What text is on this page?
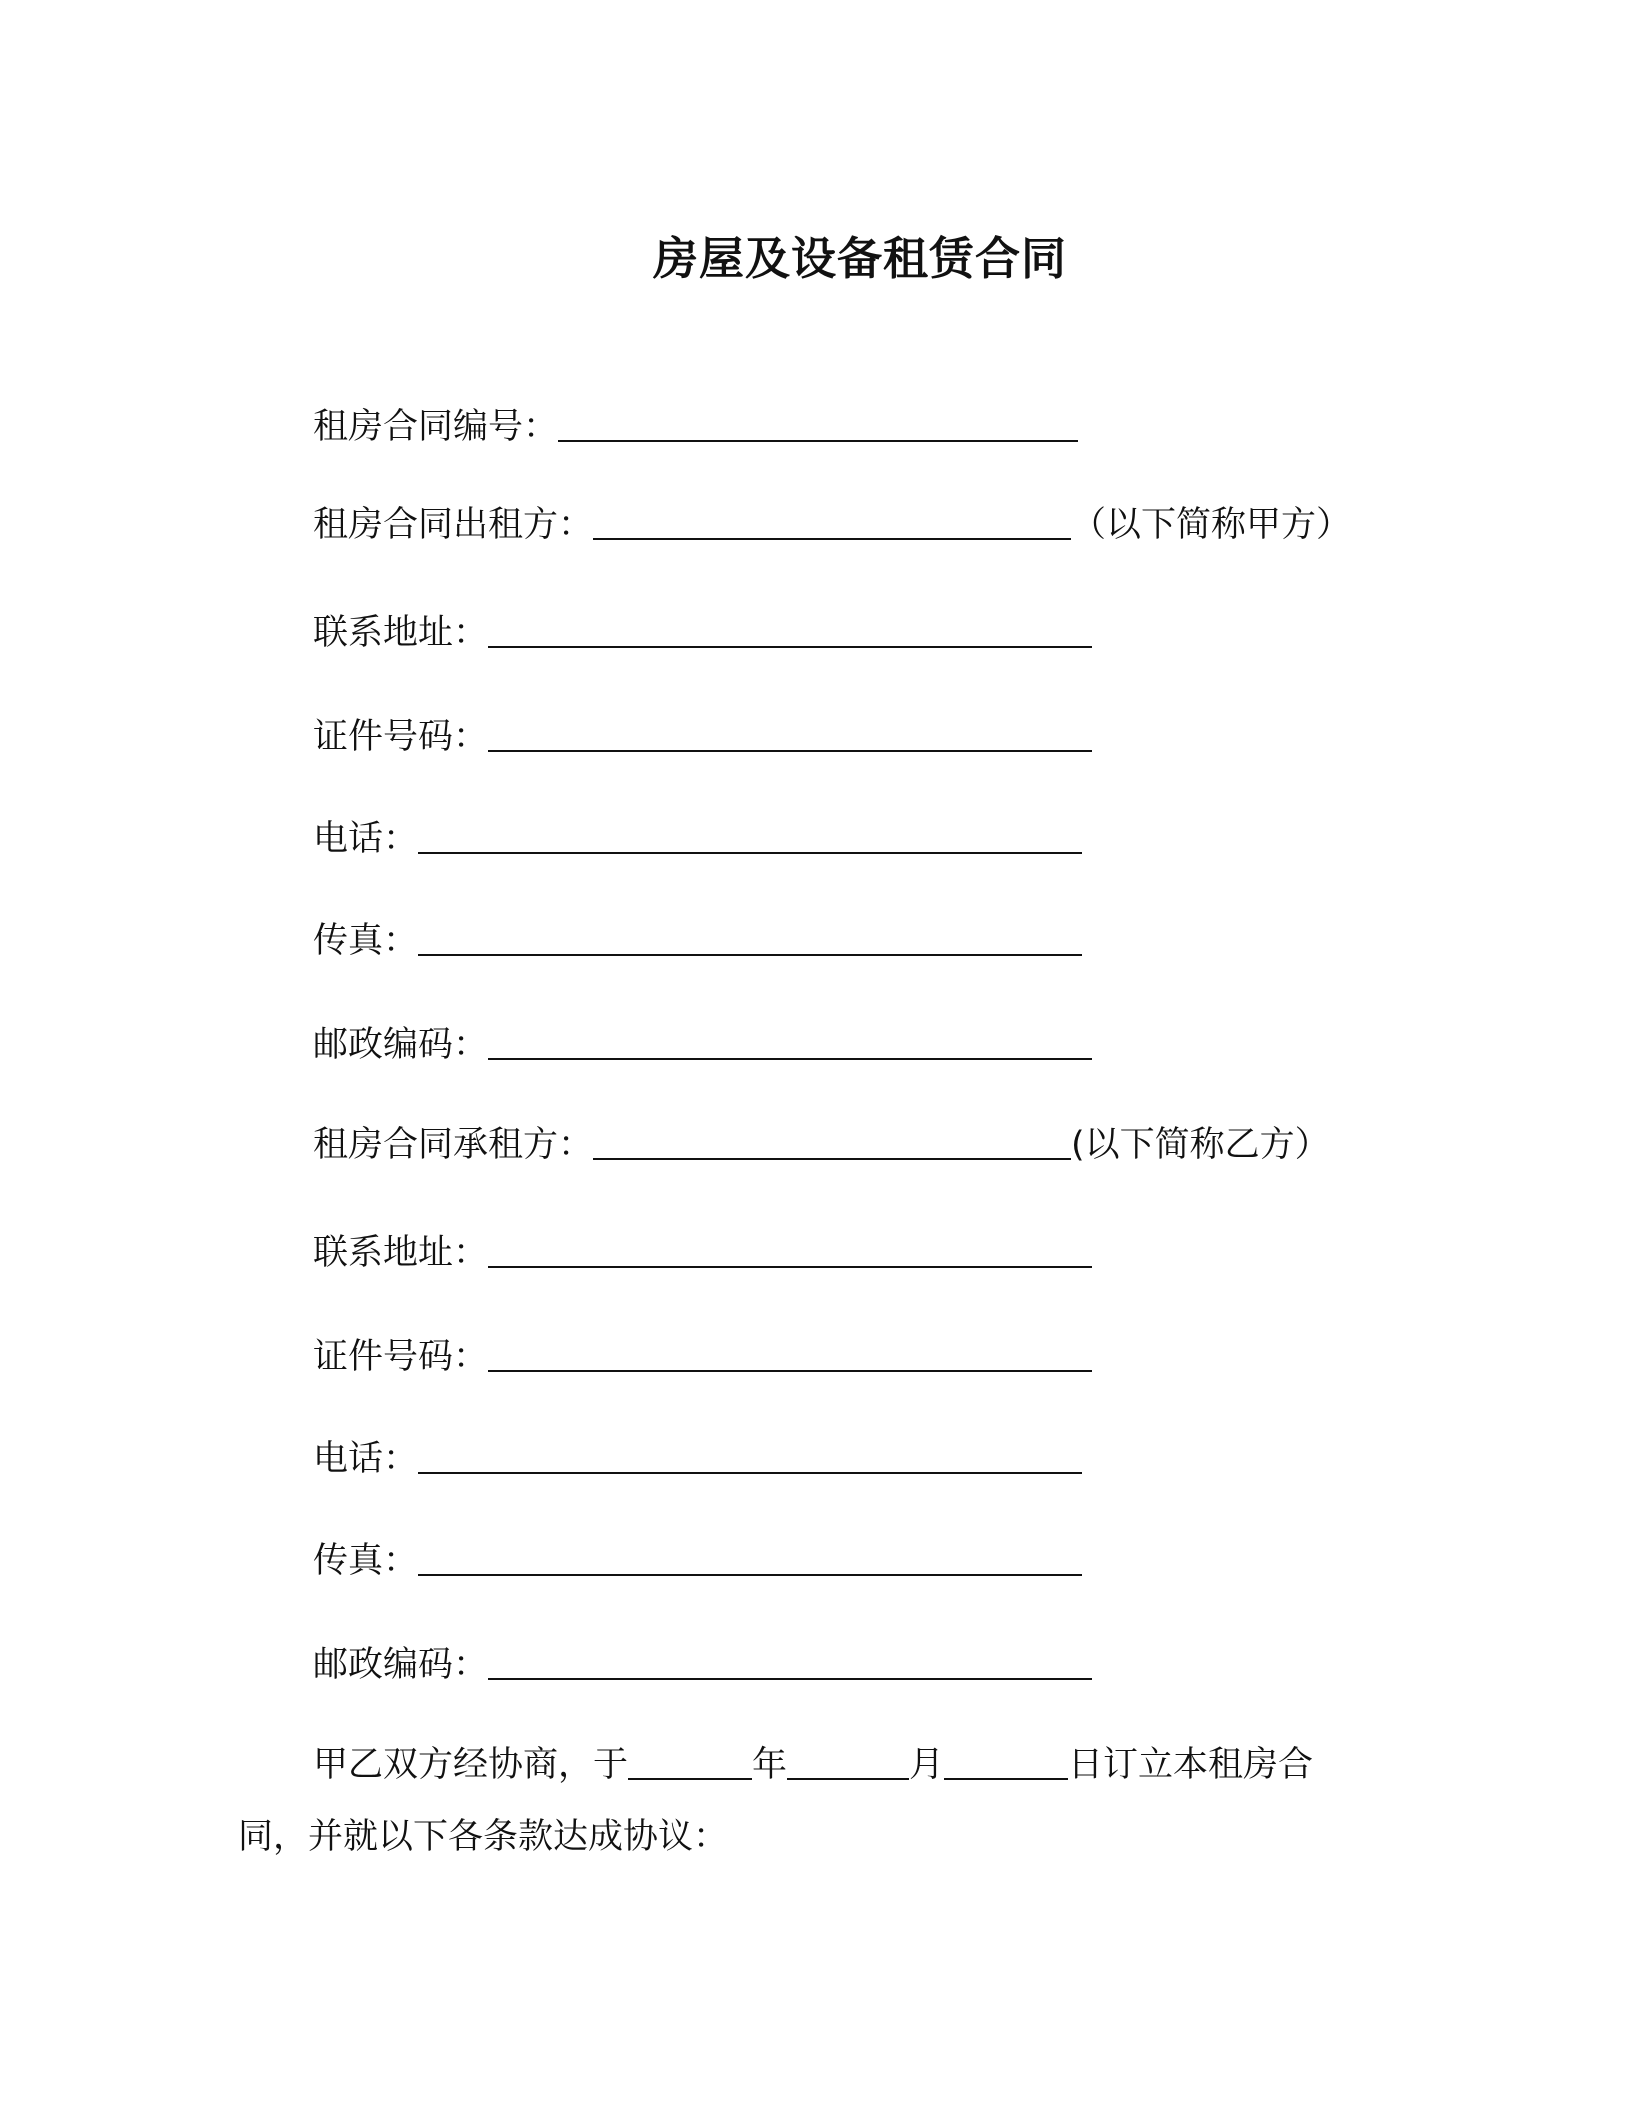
房屋及设备租赁合同
租房合同编号：
租房合同出租方：	（以下简称甲方）
联系地址：
证件号码：
电话：
传真：
邮政编码：
租房合同承租方：	(以下简称乙方）
联系地址：
证件号码：
电话：
传真：
邮政编码：
甲乙双方经协商，于	年	月	日订立本租房合
同，并就以下各条款达成协议：
